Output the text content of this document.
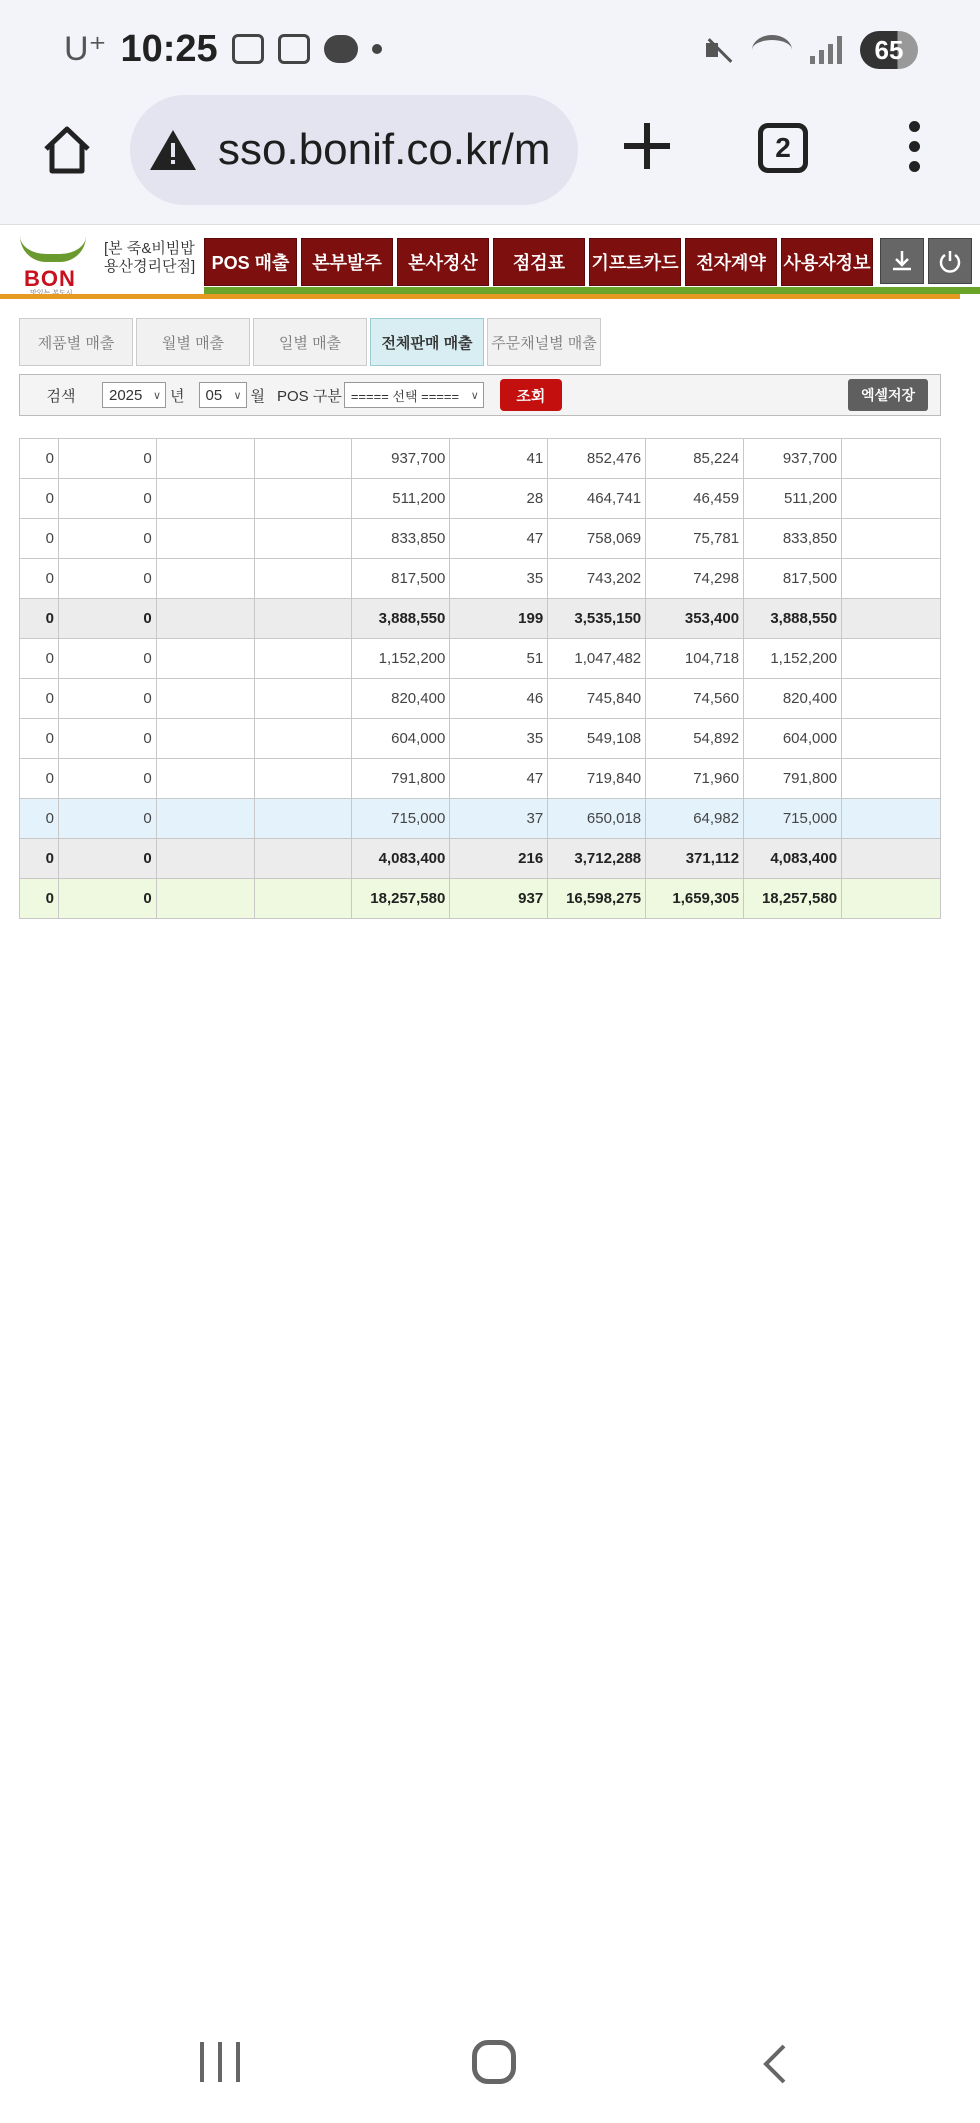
U⁺ 10:25	65
sso.bonif.co.kr/m	2
BON
[본 죽&비빔밥 용산경리단점] POS 매출	본부발주	본사정산	점검표	기프트카드 전자계약 사용자정보
제품별 매출	월별 매출	일별 매출	전체판매 매출	주문채널별 매출
검색	2025 ∨ 년 05 ∨ 월 POS 구분 ===== 선택 ===== ∨	조회	엑셀저장
0	0			937,700	41	852,476	85,224	937,700	
0	0			511,200	28	464,741	46,459	511,200	
0	0			833,850	47	758,069	75,781	833,850	
0	0			817,500	35	743,202	74,298	817,500	
0	0			3,888,550	199	3,535,150	353,400	3,888,550	
0	0			1,152,200	51	1,047,482	104,718	1,152,200	
0	0			820,400	46	745,840	74,560	820,400	
0	0			604,000	35	549,108	54,892	604,000	
0	0			791,800	47	719,840	71,960	791,800	
0	0			715,000	37	650,018	64,982	715,000	
0	0			4,083,400	216	3,712,288	371,112	4,083,400	
0	0			18,257,580	937	16,598,275	1,659,305	18,257,580	
